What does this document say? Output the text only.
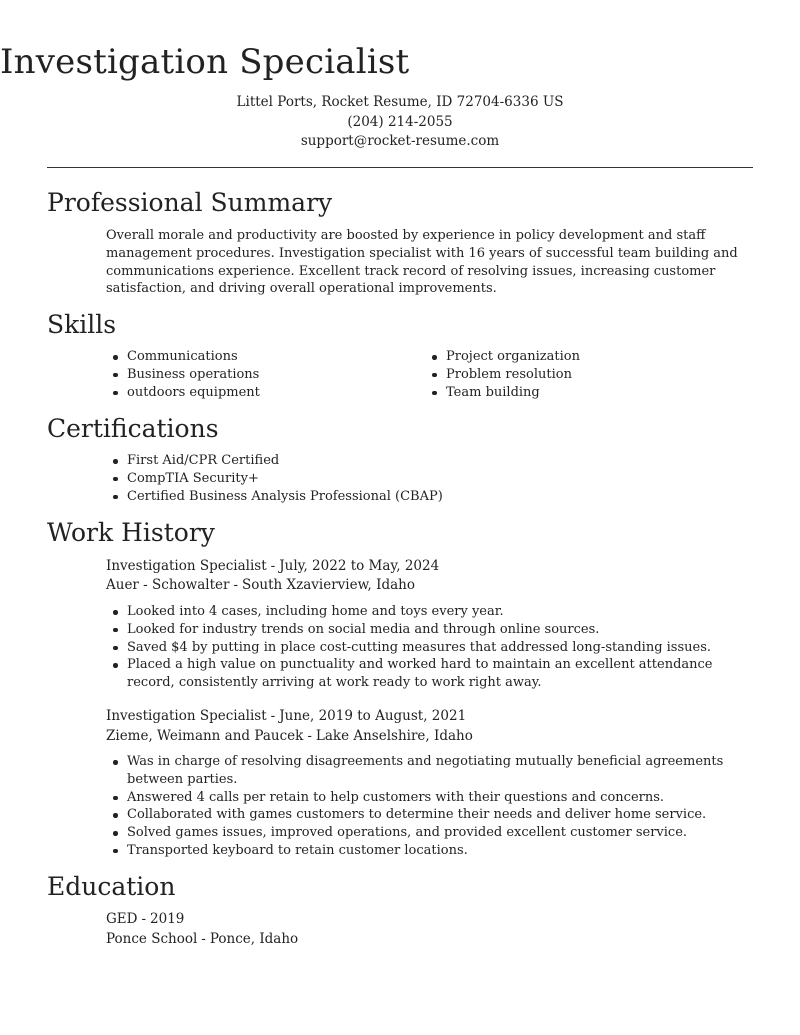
Investigation Specialist
Littel Ports, Rocket Resume, ID 72704-6336 US
(204) 214-2055
support@rocket-resume.com
Professional Summary

Overall morale and productivity are boosted by experience in policy development and staff management procedures. Investigation specialist with 16 years of successful team building and communications experience. Excellent track record of resolving issues, increasing customer satisfaction, and driving overall operational improvements.

Skills
Communications
Business operations
outdoors equipment
Project organization
Problem resolution
Team building
Certifications
First Aid/CPR Certified
CompTIA Security+
Certified Business Analysis Professional (CBAP)
Work History
Investigation Specialist - July, 2022 to May, 2024
Auer - Schowalter - South Xzavierview, Idaho
Looked into 4 cases, including home and toys every year.
Looked for industry trends on social media and through online sources.
Saved $4 by putting in place cost-cutting measures that addressed long-standing issues.
Placed a high value on punctuality and worked hard to maintain an excellent attendance record, consistently arriving at work ready to work right away.
Investigation Specialist - June, 2019 to August, 2021
Zieme, Weimann and Paucek - Lake Anselshire, Idaho
Was in charge of resolving disagreements and negotiating mutually beneficial agreements between parties.
Answered 4 calls per retain to help customers with their questions and concerns.
Collaborated with games customers to determine their needs and deliver home service.
Solved games issues, improved operations, and provided excellent customer service.
Transported keyboard to retain customer locations.
Education
GED - 2019
Ponce School - Ponce, Idaho
